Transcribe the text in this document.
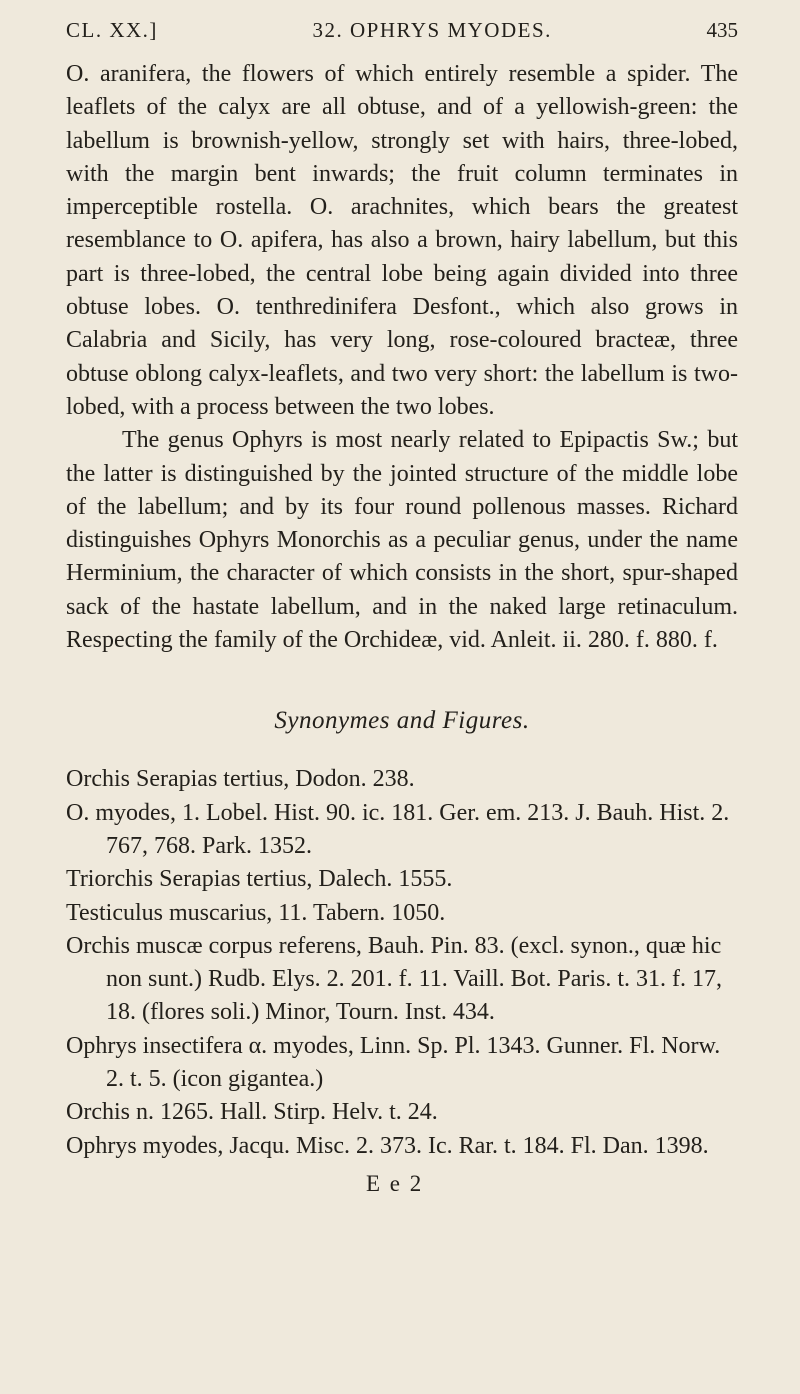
CL. XX.]	32. OPHRYS MYODES.	435

O. aranifera, the flowers of which entirely resemble a spider. The leaflets of the calyx are all obtuse, and of a yellowish-green: the labellum is brownish-yellow, strongly set with hairs, three-lobed, with the margin bent inwards; the fruit column terminates in imperceptible rostella. O. arachnites, which bears the greatest resemblance to O. apifera, has also a brown, hairy labellum, but this part is three-lobed, the central lobe being again divided into three obtuse lobes. O. tenthredinifera Desfont., which also grows in Calabria and Sicily, has very long, rose-coloured bracteæ, three obtuse oblong calyx-leaflets, and two very short: the labellum is two-lobed, with a process between the two lobes.

The genus Ophyrs is most nearly related to Epipactis Sw.; but the latter is distinguished by the jointed structure of the middle lobe of the labellum; and by its four round pollenous masses. Richard distinguishes Ophyrs Monorchis as a peculiar genus, under the name Herminium, the character of which consists in the short, spur-shaped sack of the hastate labellum, and in the naked large retinaculum. Respecting the family of the Orchideæ, vid. Anleit. ii. 280. f. 880. f.

Synonymes and Figures.
Orchis Serapias tertius, Dodon. 238.
O. myodes, 1. Lobel. Hist. 90. ic. 181. Ger. em. 213. J. Bauh. Hist. 2. 767, 768. Park. 1352.
Triorchis Serapias tertius, Dalech. 1555.
Testiculus muscarius, 11. Tabern. 1050.
Orchis muscæ corpus referens, Bauh. Pin. 83. (excl. synon., quæ hic non sunt.) Rudb. Elys. 2. 201. f. 11. Vaill. Bot. Paris. t. 31. f. 17, 18. (flores soli.) Minor, Tourn. Inst. 434.
Ophrys insectifera α. myodes, Linn. Sp. Pl. 1343. Gunner. Fl. Norw. 2. t. 5. (icon gigantea.)
Orchis n. 1265. Hall. Stirp. Helv. t. 24.
Ophrys myodes, Jacqu. Misc. 2. 373. Ic. Rar. t. 184. Fl. Dan. 1398.
E e 2
